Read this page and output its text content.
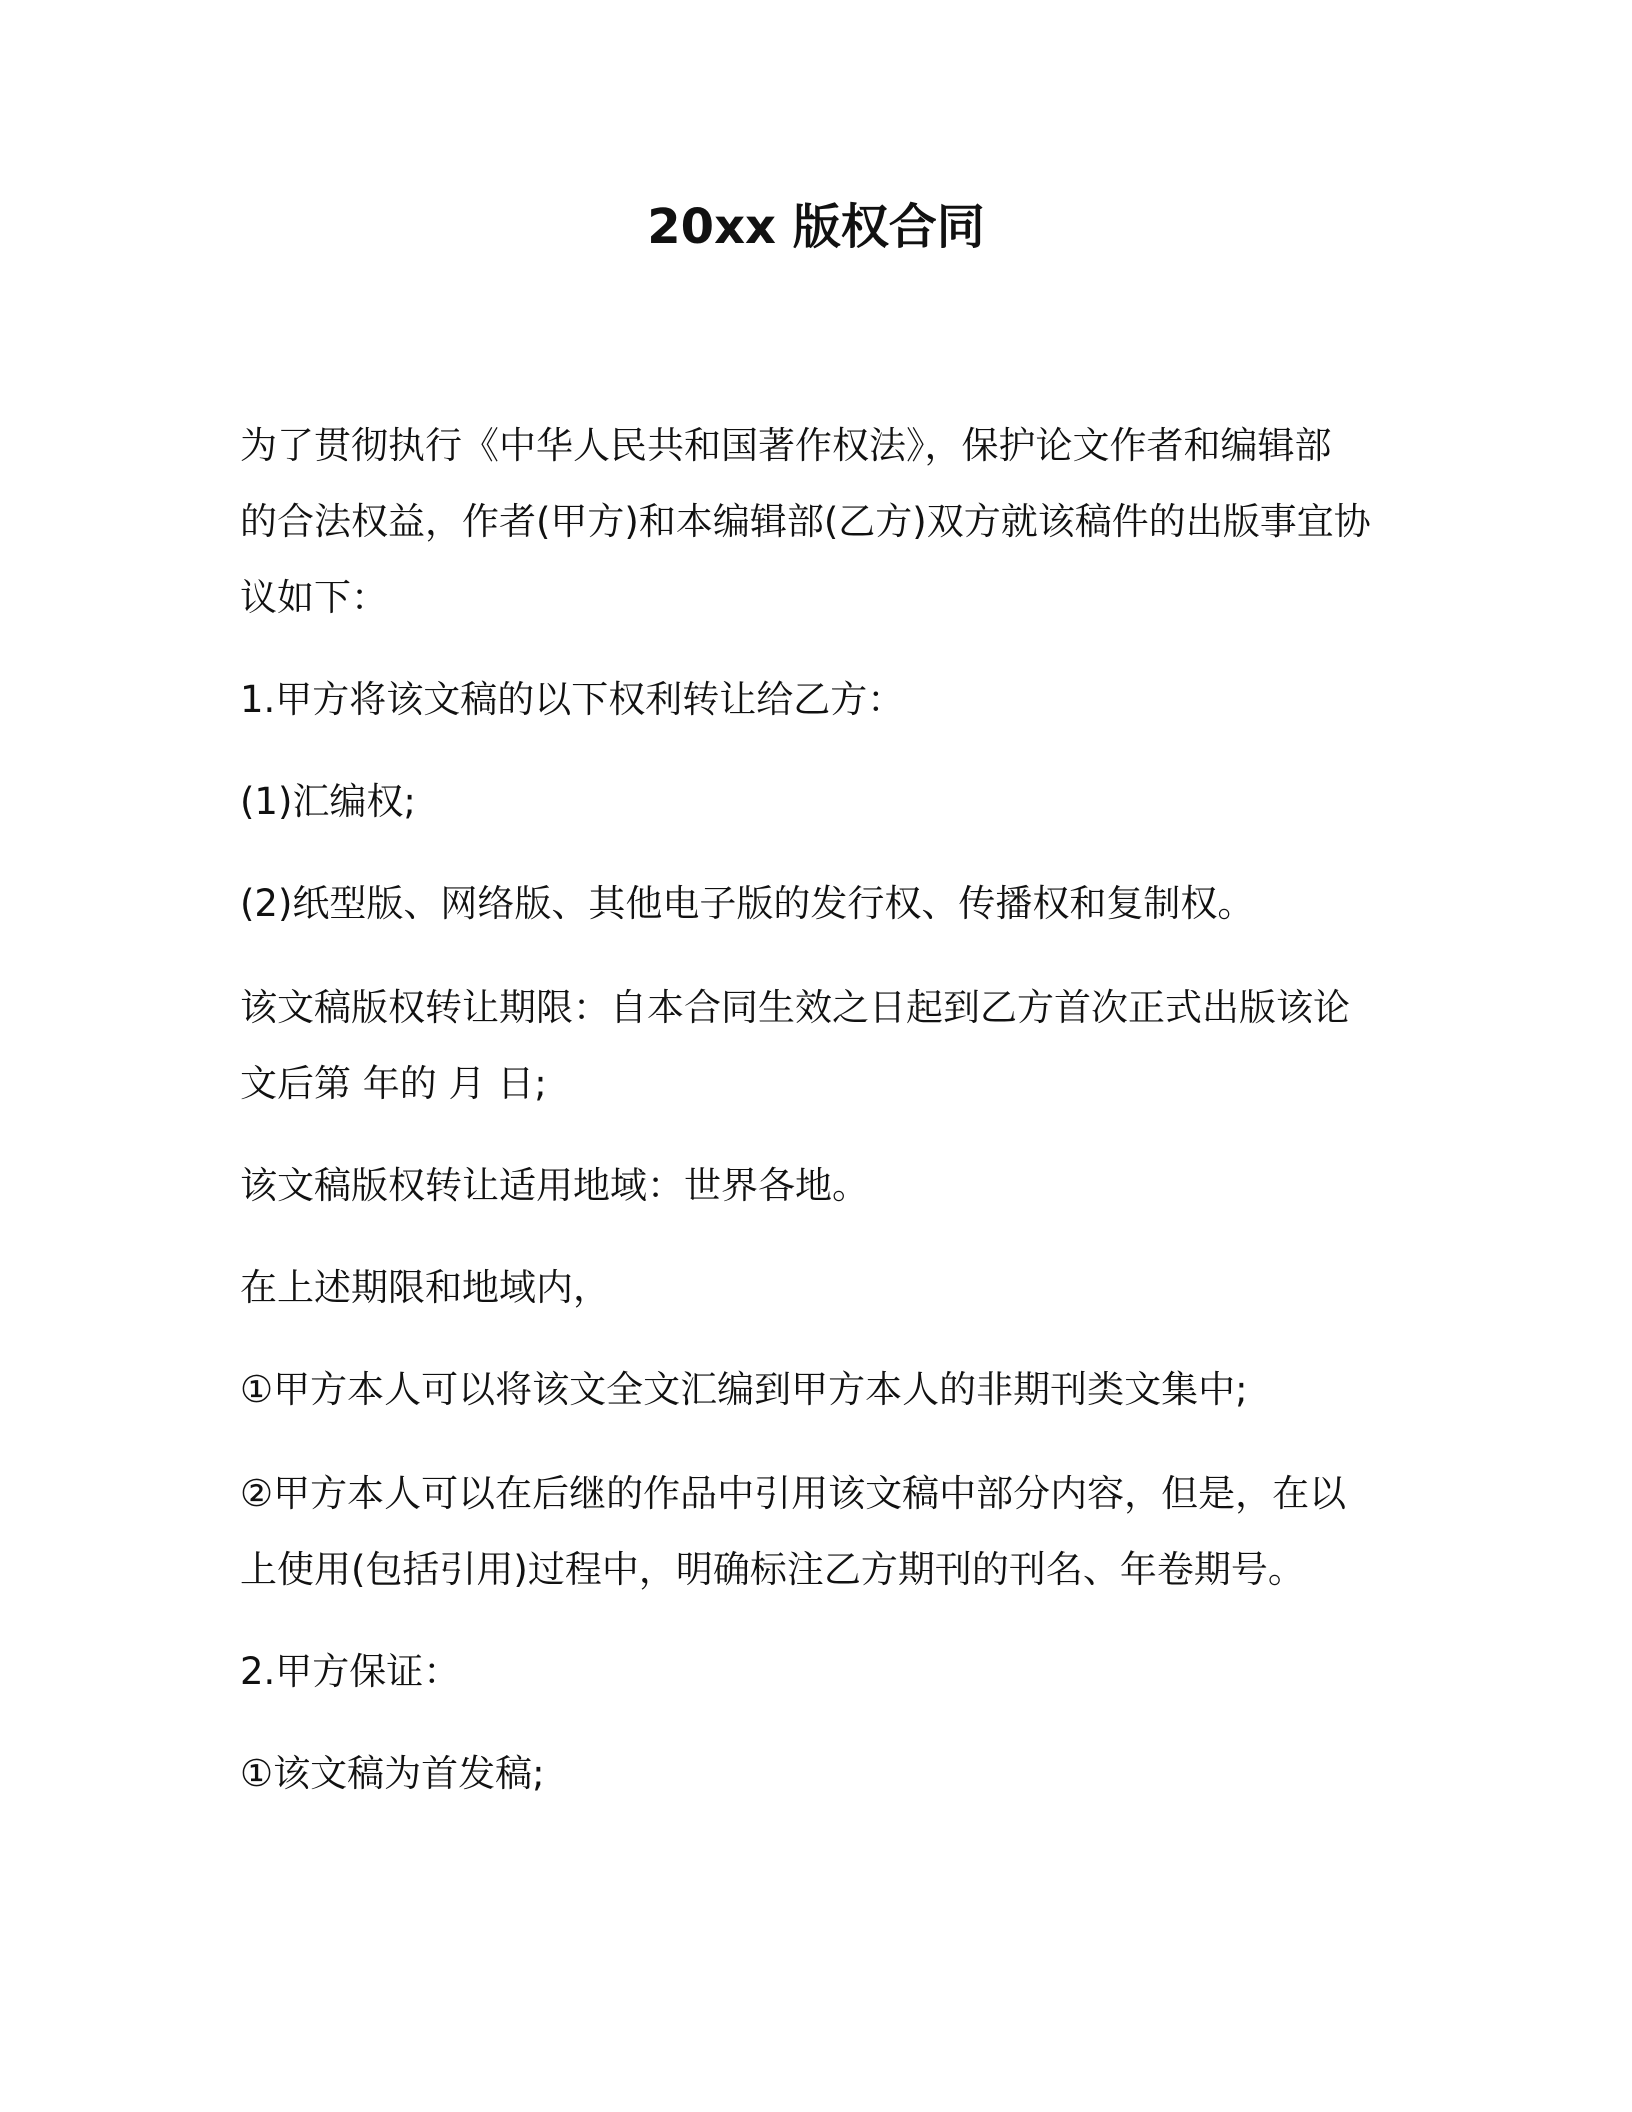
20xx 版权合同

为了贯彻执行《中华人民共和国著作权法》，保护论文作者和编辑部
的合法权益，作者(甲方)和本编辑部(乙方)双方就该稿件的出版事宜协
议如下：

1.甲方将该文稿的以下权利转让给乙方：

(1)汇编权;

(2)纸型版、网络版、其他电子版的发行权、传播权和复制权。

该文稿版权转让期限：自本合同生效之日起到乙方首次正式出版该论
文后第 年的 月 日;

该文稿版权转让适用地域：世界各地。

在上述期限和地域内，

①甲方本人可以将该文全文汇编到甲方本人的非期刊类文集中;

②甲方本人可以在后继的作品中引用该文稿中部分内容，但是，在以
上使用(包括引用)过程中，明确标注乙方期刊的刊名、年卷期号。

2.甲方保证：

①该文稿为首发稿;
